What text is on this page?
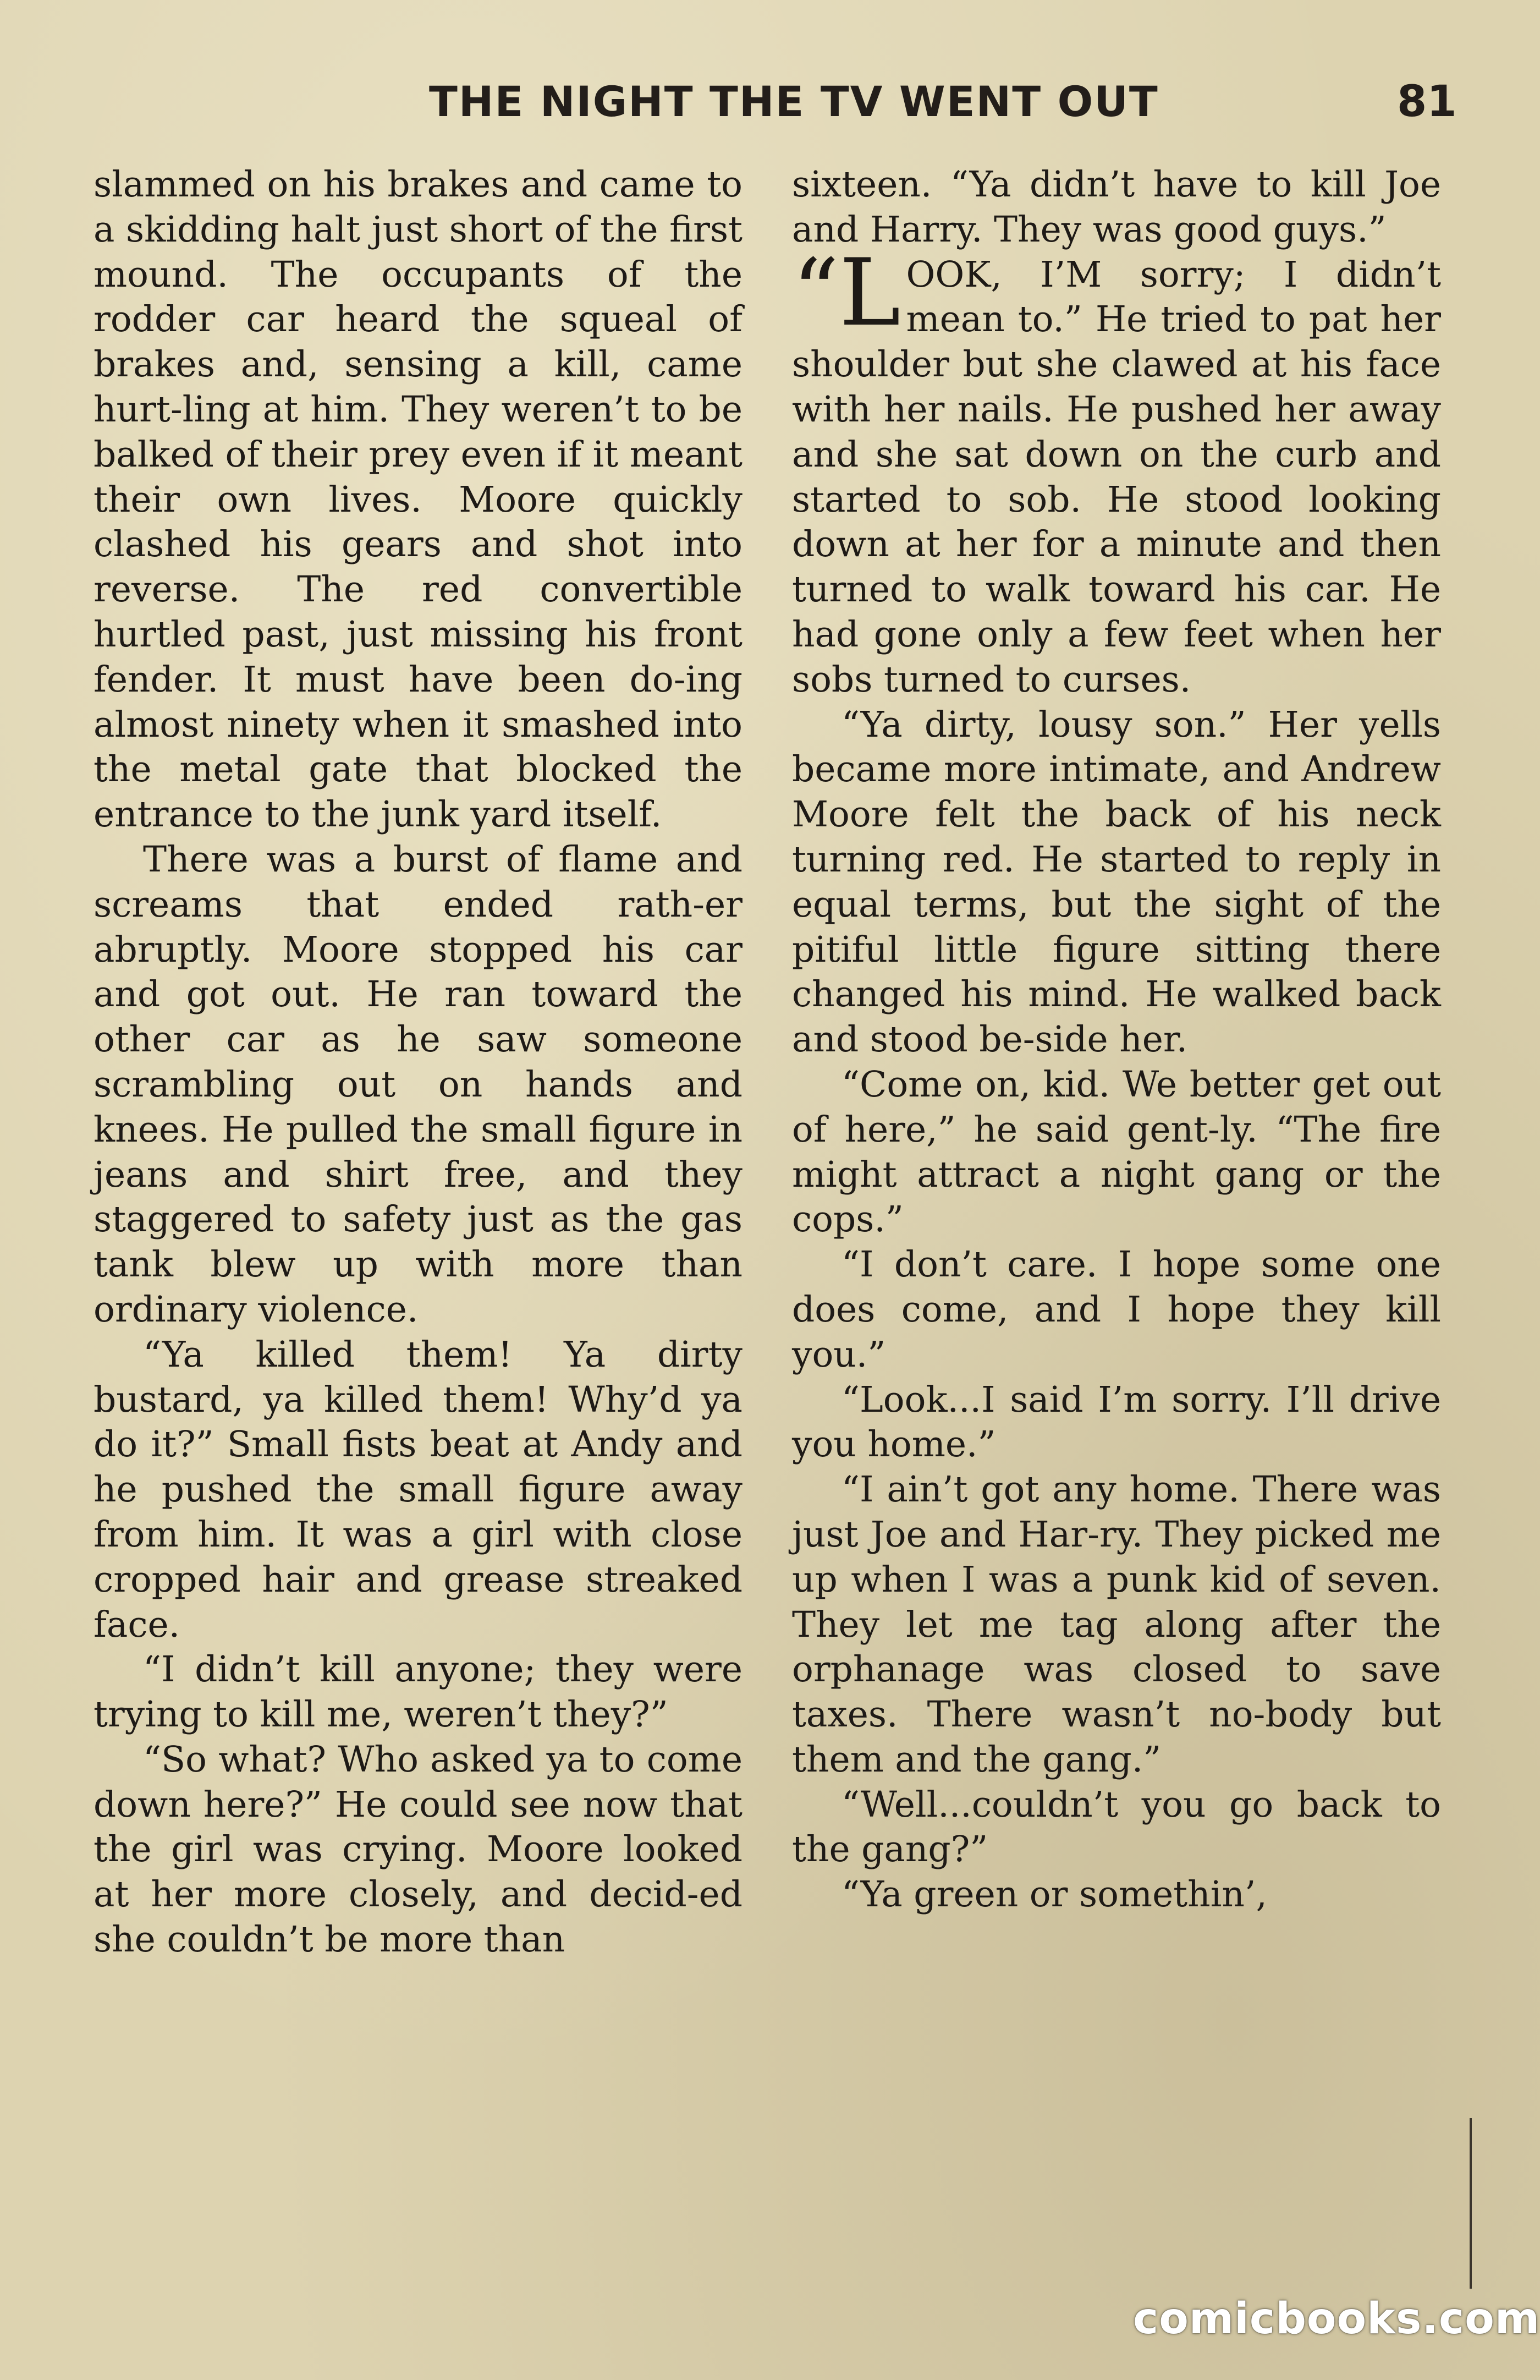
THE NIGHT THE TV WENT OUT	81

slammed on his brakes and came to a skidding halt just short of the first mound. The occupants of the rodder car heard the squeal of brakes and, sensing a kill, came hurt-ling at him. They weren’t to be balked of their prey even if it meant their own lives. Moore quickly clashed his gears and shot into reverse. The red convertible hurtled past, just missing his front fender. It must have been do-ing almost ninety when it smashed into the metal gate that blocked the entrance to the junk yard itself.

There was a burst of flame and screams that ended rath-er abruptly. Moore stopped his car and got out. He ran toward the other car as he saw someone scrambling out on hands and knees. He pulled the small figure in jeans and shirt free, and they staggered to safety just as the gas tank blew up with more than ordinary violence.

“Ya killed them! Ya dirty bustard, ya killed them! Why’d ya do it?” Small fists beat at Andy and he pushed the small figure away from him. It was a girl with close cropped hair and grease streaked face.

“I didn’t kill anyone; they were trying to kill me, weren’t they?”

“So what? Who asked ya to come down here?” He could see now that the girl was crying. Moore looked at her more closely, and decid-ed she couldn’t be more than

sixteen. “Ya didn’t have to kill Joe and Harry. They was good guys.”

“LOOK, I’M sorry; I didn’t mean to.” He tried to pat her shoulder but she clawed at his face with her nails. He pushed her away and she sat down on the curb and started to sob. He stood looking down at her for a minute and then turned to walk toward his car. He had gone only a few feet when her sobs turned to curses.

“Ya dirty, lousy son.” Her yells became more intimate, and Andrew Moore felt the back of his neck turning red. He started to reply in equal terms, but the sight of the pitiful little figure sitting there changed his mind. He walked back and stood be-side her.

“Come on, kid. We better get out of here,” he said gent-ly. “The fire might attract a night gang or the cops.”

“I don’t care. I hope some one does come, and I hope they kill you.”

“Look...I said I’m sorry. I’ll drive you home.”

“I ain’t got any home. There was just Joe and Har-ry. They picked me up when I was a punk kid of seven. They let me tag along after the orphanage was closed to save taxes. There wasn’t no-body but them and the gang.”

“Well...couldn’t you go back to the gang?”

“Ya green or somethin’,

comicbooks.com
